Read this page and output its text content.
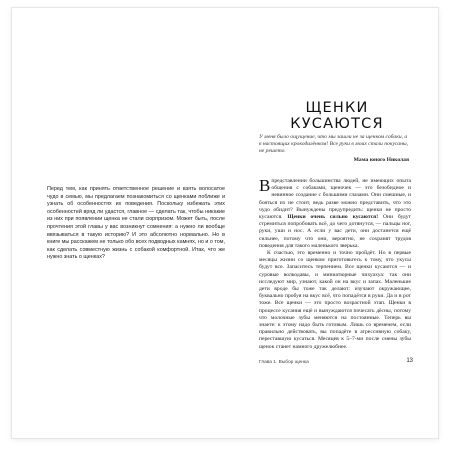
Перед тем, как принять ответственное решение и взять волосатое чудо в семью, мы предлагаем познакомиться со щенками поближе и узнать об особенностях их поведения. Поскольку избежать этих особенностей вряд ли удастся, главное — сделать так, чтобы никакие из них при появлении щенка не стали сюрпризом. Может быть, после прочтения этой главы у вас возникнут сомнения: а нужно ли вообще ввязываться в такую историю? И это абсолютно нормально. Но в книге мы расскажем не только обо всех подводных камнях, но и о том, как сделать совместную жизнь с собакой комфортной. Итак, что же нужно знать о щенках?
ЩЕНКИ КУСАЮТСЯ
У меня было ощущение, что мы зашли не за щенком собаки, а в настоящих крокодилёнком! Все руки в моих стали покусаны, не решето.
Мама юного Николая

В представлении большинства людей, не имеющих опыта общения с собаками, щеночек — это безобидное и невинное создание с большими глазами. Они смешные, и бояться их не стоит, ведь разве можно представить, что это чудо обидит? Вынуждены предупредить: щенки не просто кусаются. Щенки очень сильно кусаются! Они будут стремиться попробовать всё, до чего дотянутся, — пальцы ног, руки, уши и нос. А если у вас дети, они достанется ещё сильнее, потому что они, вероятно, не сохранят трудов поведения для такого маленького зверька.

К счастью, это временно и точно пройдёт. Но в первые месяцы жизни со щенком приготовьтесь к тому, что укусы будут все. Запаситесь терпением. Все щенки кусаются — и суровые волкодавы, и миниатюрные чихуахуа: так они исследуют мир, узнают, какой он на вкус и запах. Маленькие дети вроде бы тоже так делают: изучают окружающее, буквально пробуя на вкус всё, что попадётся в руки. Да и в рот тоже. Все щенки — это просто возрастной этап. Щенки в процессе кусания ещё и вынуждаются почесать дёсны, потому что молочные зубы меняются на постоянные. Теперь вы знаете: к этому надо быть готовым. Лишь со временем, если правильно действовать, вы попадёте в агрессивную собаку, переставшую кусаться. Месяцев к 5–7-ми после смены зубы щенок станет намного дружелюбнее.

Глава 1. Выбор щенка	13
